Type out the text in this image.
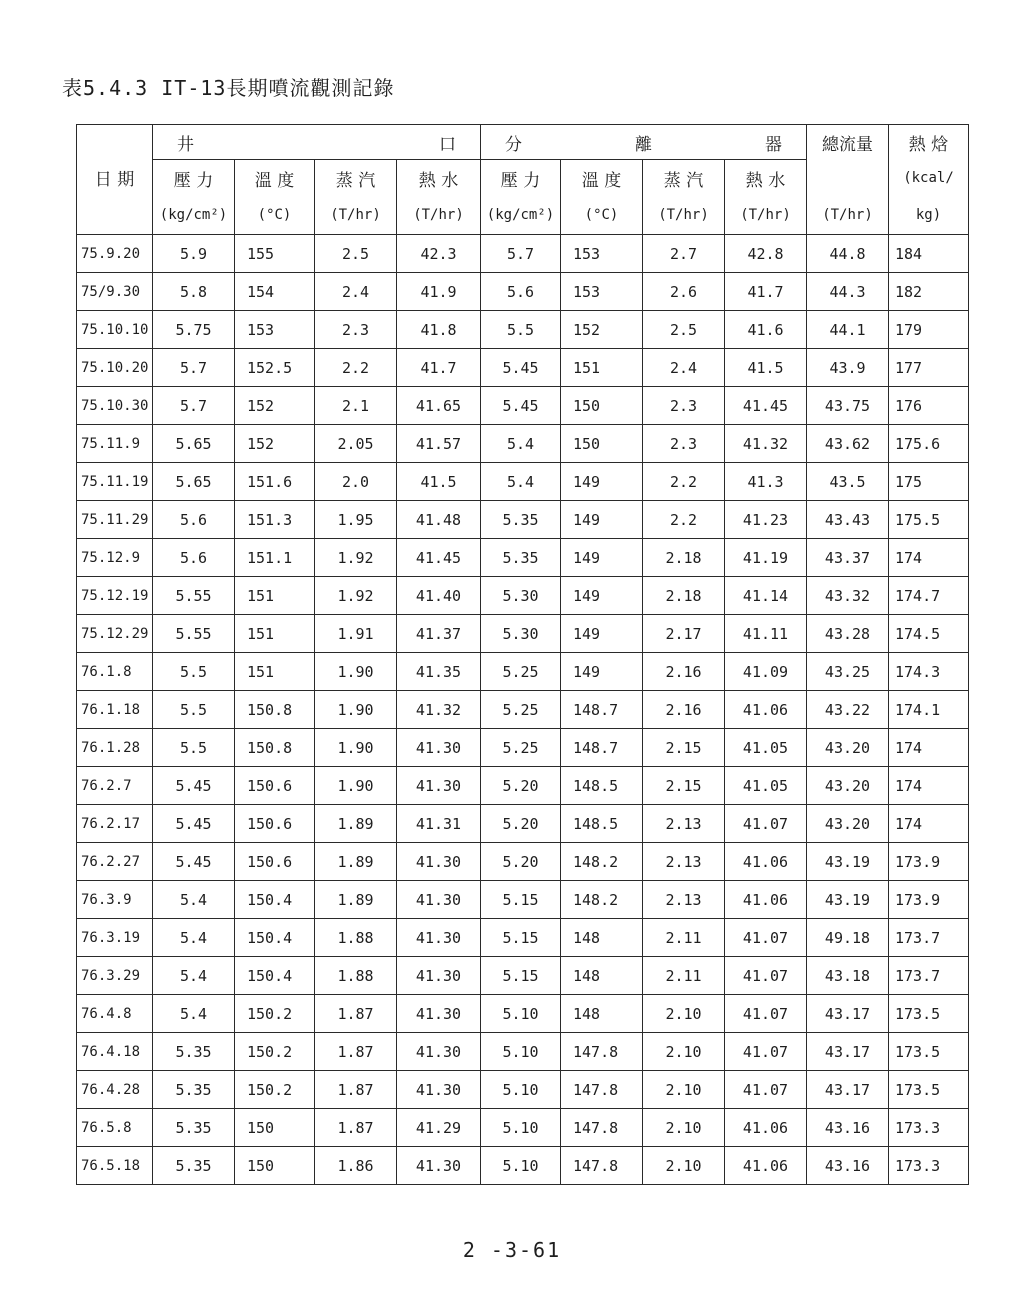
表5.4.3 IT-13長期噴流觀測記錄

	井 口				分 離 器				總流量	熱 焓
日 期	壓 力	溫 度	蒸 汽	熱 水	壓 力	溫 度	蒸 汽	熱 水		(kcal/
	(kg/cm²)	(°C)	(T/hr)	(T/hr)	(kg/cm²)	(°C)	(T/hr)	(T/hr)	(T/hr)	kg)
75.9.20	5.9	155	2.5	42.3	5.7	153	2.7	42.8	44.8	184
75/9.30	5.8	154	2.4	41.9	5.6	153	2.6	41.7	44.3	182
75.10.10	5.75	153	2.3	41.8	5.5	152	2.5	41.6	44.1	179
75.10.20	5.7	152.5	2.2	41.7	5.45	151	2.4	41.5	43.9	177
75.10.30	5.7	152	2.1	41.65	5.45	150	2.3	41.45	43.75	176
75.11.9	5.65	152	2.05	41.57	5.4	150	2.3	41.32	43.62	175.6
75.11.19	5.65	151.6	2.0	41.5	5.4	149	2.2	41.3	43.5	175
75.11.29	5.6	151.3	1.95	41.48	5.35	149	2.2	41.23	43.43	175.5
75.12.9	5.6	151.1	1.92	41.45	5.35	149	2.18	41.19	43.37	174
75.12.19	5.55	151	1.92	41.40	5.30	149	2.18	41.14	43.32	174.7
75.12.29	5.55	151	1.91	41.37	5.30	149	2.17	41.11	43.28	174.5
76.1.8	5.5	151	1.90	41.35	5.25	149	2.16	41.09	43.25	174.3
76.1.18	5.5	150.8	1.90	41.32	5.25	148.7	2.16	41.06	43.22	174.1
76.1.28	5.5	150.8	1.90	41.30	5.25	148.7	2.15	41.05	43.20	174
76.2.7	5.45	150.6	1.90	41.30	5.20	148.5	2.15	41.05	43.20	174
76.2.17	5.45	150.6	1.89	41.31	5.20	148.5	2.13	41.07	43.20	174
76.2.27	5.45	150.6	1.89	41.30	5.20	148.2	2.13	41.06	43.19	173.9
76.3.9	5.4	150.4	1.89	41.30	5.15	148.2	2.13	41.06	43.19	173.9
76.3.19	5.4	150.4	1.88	41.30	5.15	148	2.11	41.07	49.18	173.7
76.3.29	5.4	150.4	1.88	41.30	5.15	148	2.11	41.07	43.18	173.7
76.4.8	5.4	150.2	1.87	41.30	5.10	148	2.10	41.07	43.17	173.5
76.4.18	5.35	150.2	1.87	41.30	5.10	147.8	2.10	41.07	43.17	173.5
76.4.28	5.35	150.2	1.87	41.30	5.10	147.8	2.10	41.07	43.17	173.5
76.5.8	5.35	150	1.87	41.29	5.10	147.8	2.10	41.06	43.16	173.3
76.5.18	5.35	150	1.86	41.30	5.10	147.8	2.10	41.06	43.16	173.3
2 -3-61
